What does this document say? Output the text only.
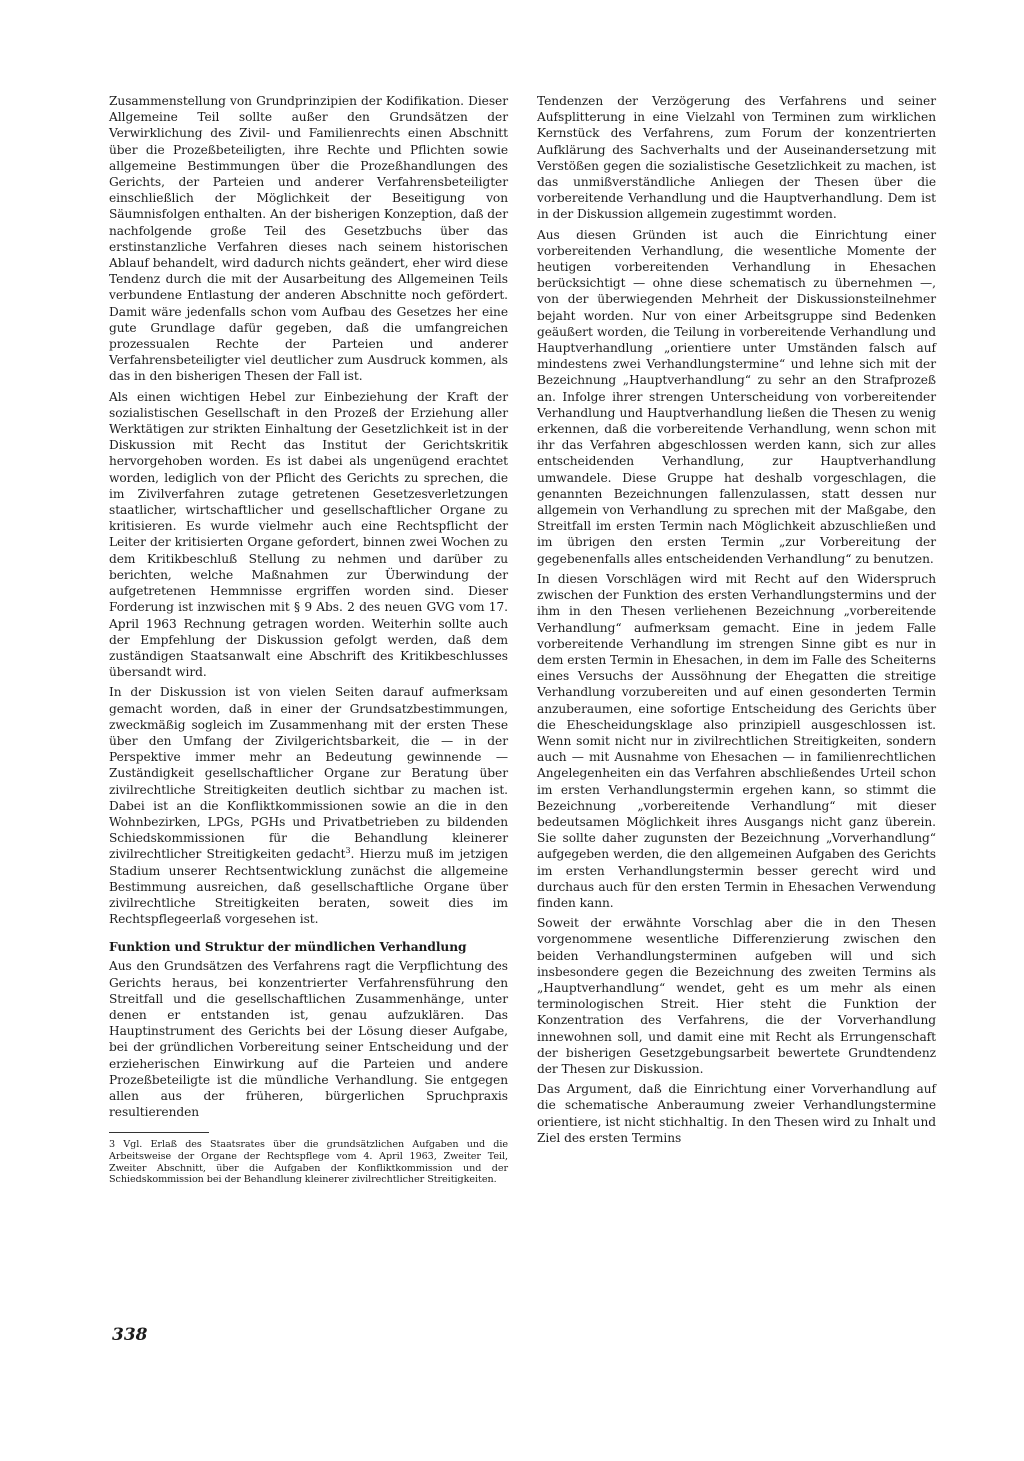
Zusammenstellung von Grundprinzipien der Kodifikation. Dieser Allgemeine Teil sollte außer den Grundsätzen der Verwirklichung des Zivil- und Familienrechts einen Abschnitt über die Prozeßbeteiligten, ihre Rechte und Pflichten sowie allgemeine Bestimmungen über die Prozeßhandlungen des Gerichts, der Parteien und anderer Verfahrensbeteiligter einschließlich der Möglichkeit der Beseitigung von Säumnisfolgen enthalten. An der bisherigen Konzeption, daß der nachfolgende große Teil des Gesetzbuchs über das erstinstanzliche Verfahren dieses nach seinem historischen Ablauf behandelt, wird dadurch nichts geändert, eher wird diese Tendenz durch die mit der Ausarbeitung des Allgemeinen Teils verbundene Entlastung der anderen Abschnitte noch gefördert. Damit wäre jedenfalls schon vom Aufbau des Gesetzes her eine gute Grundlage dafür gegeben, daß die umfangreichen prozessualen Rechte der Parteien und anderer Verfahrensbeteiligter viel deutlicher zum Ausdruck kommen, als das in den bisherigen Thesen der Fall ist.

Als einen wichtigen Hebel zur Einbeziehung der Kraft der sozialistischen Gesellschaft in den Prozeß der Erziehung aller Werktätigen zur strikten Einhaltung der Gesetzlichkeit ist in der Diskussion mit Recht das Institut der Gerichtskritik hervorgehoben worden. Es ist dabei als ungenügend erachtet worden, lediglich von der Pflicht des Gerichts zu sprechen, die im Zivilverfahren zutage getretenen Gesetzesverletzungen staatlicher, wirtschaftlicher und gesellschaftlicher Organe zu kritisieren. Es wurde vielmehr auch eine Rechtspflicht der Leiter der kritisierten Organe gefordert, binnen zwei Wochen zu dem Kritikbeschluß Stellung zu nehmen und darüber zu berichten, welche Maßnahmen zur Überwindung der aufgetretenen Hemmnisse ergriffen worden sind. Dieser Forderung ist inzwischen mit § 9 Abs. 2 des neuen GVG vom 17. April 1963 Rechnung getragen worden. Weiterhin sollte auch der Empfehlung der Diskussion gefolgt werden, daß dem zuständigen Staatsanwalt eine Abschrift des Kritikbeschlusses übersandt wird.

In der Diskussion ist von vielen Seiten darauf aufmerksam gemacht worden, daß in einer der Grundsatzbestimmungen, zweckmäßig sogleich im Zusammenhang mit der ersten These über den Umfang der Zivilgerichtsbarkeit, die — in der Perspektive immer mehr an Bedeutung gewinnende — Zuständigkeit gesellschaftlicher Organe zur Beratung über zivilrechtliche Streitigkeiten deutlich sichtbar zu machen ist. Dabei ist an die Konfliktkommissionen sowie an die in den Wohnbezirken, LPGs, PGHs und Privatbetrieben zu bildenden Schiedskommissionen für die Behandlung kleinerer zivilrechtlicher Streitigkeiten gedacht$^3$. Hierzu muß im jetzigen Stadium unserer Rechtsentwicklung zunächst die allgemeine Bestimmung ausreichen, daß gesellschaftliche Organe über zivilrechtliche Streitigkeiten beraten, soweit dies im Rechtspflegeerlaß vorgesehen ist.

Funktion und Struktur der mündlichen Verhandlung

Aus den Grundsätzen des Verfahrens ragt die Verpflichtung des Gerichts heraus, bei konzentrierter Verfahrensführung den Streitfall und die gesellschaftlichen Zusammenhänge, unter denen er entstanden ist, genau aufzuklären. Das Hauptinstrument des Gerichts bei der Lösung dieser Aufgabe, bei der gründlichen Vorbereitung seiner Entscheidung und der erzieherischen Einwirkung auf die Parteien und andere Prozeßbeteiligte ist die mündliche Verhandlung. Sie entgegen allen aus der früheren, bürgerlichen Spruchpraxis resultierenden

3 Vgl. Erlaß des Staatsrates über die grundsätzlichen Aufgaben und die Arbeitsweise der Organe der Rechtspflege vom 4. April 1963, Zweiter Teil, Zweiter Abschnitt, über die Aufgaben der Konfliktkommission und der Schiedskommission bei der Behandlung kleinerer zivilrechtlicher Streitigkeiten.

Tendenzen der Verzögerung des Verfahrens und seiner Aufsplitterung in eine Vielzahl von Terminen zum wirklichen Kernstück des Verfahrens, zum Forum der konzentrierten Aufklärung des Sachverhalts und der Auseinandersetzung mit Verstößen gegen die sozialistische Gesetzlichkeit zu machen, ist das unmißverständliche Anliegen der Thesen über die vorbereitende Verhandlung und die Hauptverhandlung. Dem ist in der Diskussion allgemein zugestimmt worden.

Aus diesen Gründen ist auch die Einrichtung einer vorbereitenden Verhandlung, die wesentliche Momente der heutigen vorbereitenden Verhandlung in Ehesachen berücksichtigt — ohne diese schematisch zu übernehmen —, von der überwiegenden Mehrheit der Diskussionsteilnehmer bejaht worden. Nur von einer Arbeitsgruppe sind Bedenken geäußert worden, die Teilung in vorbereitende Verhandlung und Hauptverhandlung „orientiere unter Umständen falsch auf mindestens zwei Verhandlungstermine“ und lehne sich mit der Bezeichnung „Hauptverhandlung“ zu sehr an den Strafprozeß an. Infolge ihrer strengen Unterscheidung von vorbereitender Verhandlung und Hauptverhandlung ließen die Thesen zu wenig erkennen, daß die vorbereitende Verhandlung, wenn schon mit ihr das Verfahren abgeschlossen werden kann, sich zur alles entscheidenden Verhandlung, zur Hauptverhandlung umwandele. Diese Gruppe hat deshalb vorgeschlagen, die genannten Bezeichnungen fallenzulassen, statt dessen nur allgemein von Verhandlung zu sprechen mit der Maßgabe, den Streitfall im ersten Termin nach Möglichkeit abzuschließen und im übrigen den ersten Termin „zur Vorbereitung der gegebenenfalls alles entscheidenden Verhandlung“ zu benutzen.

In diesen Vorschlägen wird mit Recht auf den Widerspruch zwischen der Funktion des ersten Verhandlungstermins und der ihm in den Thesen verliehenen Bezeichnung „vorbereitende Verhandlung“ aufmerksam gemacht. Eine in jedem Falle vorbereitende Verhandlung im strengen Sinne gibt es nur in dem ersten Termin in Ehesachen, in dem im Falle des Scheiterns eines Versuchs der Aussöhnung der Ehegatten die streitige Verhandlung vorzubereiten und auf einen gesonderten Termin anzuberaumen, eine sofortige Entscheidung des Gerichts über die Ehescheidungsklage also prinzipiell ausgeschlossen ist. Wenn somit nicht nur in zivilrechtlichen Streitigkeiten, sondern auch — mit Ausnahme von Ehesachen — in familienrechtlichen Angelegenheiten ein das Verfahren abschließendes Urteil schon im ersten Verhandlungstermin ergehen kann, so stimmt die Bezeichnung „vorbereitende Verhandlung“ mit dieser bedeutsamen Möglichkeit ihres Ausgangs nicht ganz überein. Sie sollte daher zugunsten der Bezeichnung „Vorverhandlung“ aufgegeben werden, die den allgemeinen Aufgaben des Gerichts im ersten Verhandlungstermin besser gerecht wird und durchaus auch für den ersten Termin in Ehesachen Verwendung finden kann.

Soweit der erwähnte Vorschlag aber die in den Thesen vorgenommene wesentliche Differenzierung zwischen den beiden Verhandlungsterminen aufgeben will und sich insbesondere gegen die Bezeichnung des zweiten Termins als „Hauptverhandlung“ wendet, geht es um mehr als einen terminologischen Streit. Hier steht die Funktion der Konzentration des Verfahrens, die der Vorverhandlung innewohnen soll, und damit eine mit Recht als Errungenschaft der bisherigen Gesetzgebungsarbeit bewertete Grundtendenz der Thesen zur Diskussion.

Das Argument, daß die Einrichtung einer Vorverhandlung auf die schematische Anberaumung zweier Verhandlungstermine orientiere, ist nicht stichhaltig. In den Thesen wird zu Inhalt und Ziel des ersten Termins

338
